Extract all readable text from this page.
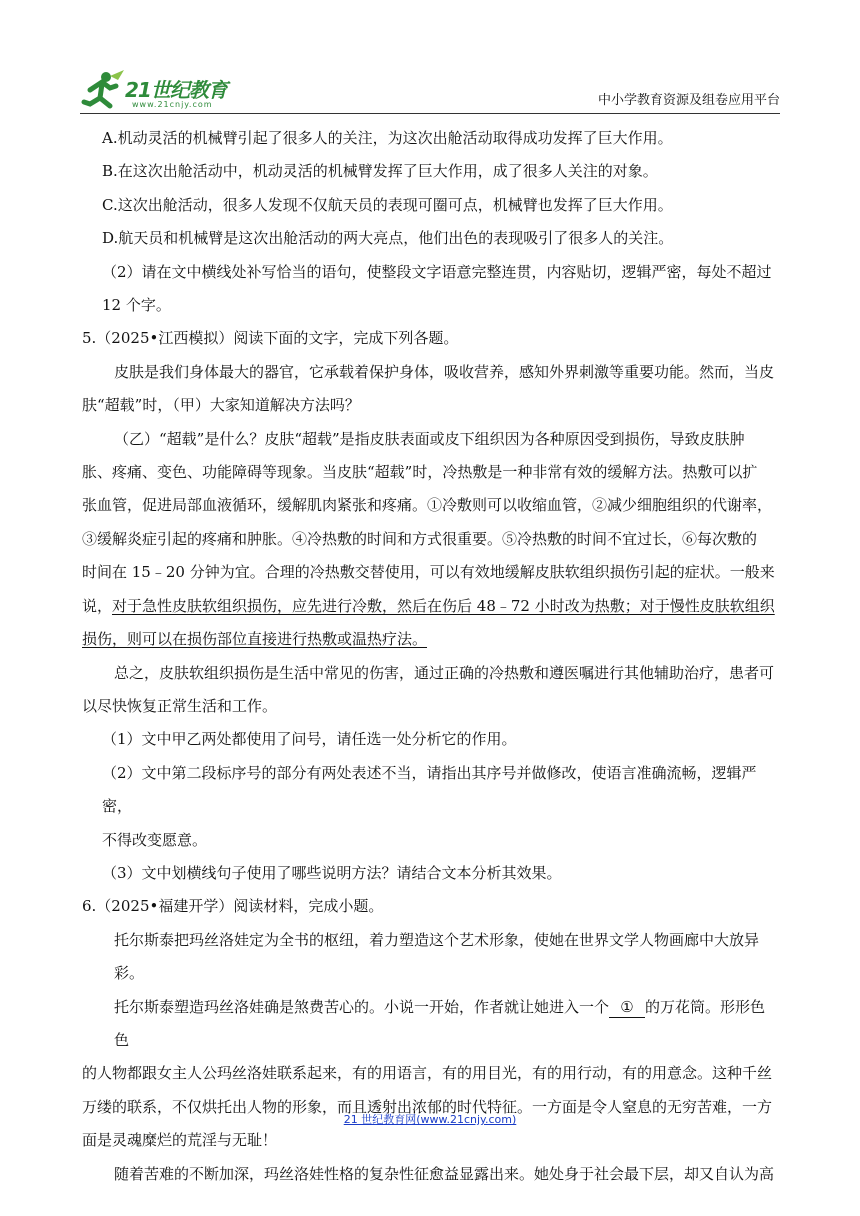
21世纪教育
www.21cnjy.com	中小学教育资源及组卷应用平台

A.机动灵活的机械臂引起了很多人的关注，为这次出舱活动取得成功发挥了巨大作用。

B.在这次出舱活动中，机动灵活的机械臂发挥了巨大作用，成了很多人关注的对象。

C.这次出舱活动，很多人发现不仅航天员的表现可圈可点，机械臂也发挥了巨大作用。

D.航天员和机械臂是这次出舱活动的两大亮点，他们出色的表现吸引了很多人的关注。

（2）请在文中横线处补写恰当的语句，使整段文字语意完整连贯，内容贴切，逻辑严密，每处不超过

12 个字。

5.（2025•江西模拟）阅读下面的文字，完成下列各题。

皮肤是我们身体最大的器官，它承载着保护身体，吸收营养，感知外界刺激等重要功能。然而，当皮

肤“超载”时，（甲）大家知道解决方法吗？

（乙）“超载”是什么？皮肤“超载”是指皮肤表面或皮下组织因为各种原因受到损伤，导致皮肤肿

胀、疼痛、变色、功能障碍等现象。当皮肤“超载”时，冷热敷是一种非常有效的缓解方法。热敷可以扩

张血管，促进局部血液循环，缓解肌肉紧张和疼痛。①冷敷则可以收缩血管，②减少细胞组织的代谢率，

③缓解炎症引起的疼痛和肿胀。④冷热敷的时间和方式很重要。⑤冷热敷的时间不宜过长，⑥每次敷的

时间在 15﹣20 分钟为宜。合理的冷热敷交替使用，可以有效地缓解皮肤软组织损伤引起的症状。一般来

说，对于急性皮肤软组织损伤，应先进行冷敷，然后在伤后 48﹣72 小时改为热敷；对于慢性皮肤软组织

损伤，则可以在损伤部位直接进行热敷或温热疗法。

总之，皮肤软组织损伤是生活中常见的伤害，通过正确的冷热敷和遵医嘱进行其他辅助治疗，患者可

以尽快恢复正常生活和工作。

（1）文中甲乙两处都使用了问号，请任选一处分析它的作用。

（2）文中第二段标序号的部分有两处表述不当，请指出其序号并做修改，使语言准确流畅，逻辑严密，

不得改变愿意。

（3）文中划横线句子使用了哪些说明方法？请结合文本分析其效果。

6.（2025•福建开学）阅读材料，完成小题。

托尔斯泰把玛丝洛娃定为全书的枢纽，着力塑造这个艺术形象，使她在世界文学人物画廊中大放异彩。

托尔斯泰塑造玛丝洛娃确是煞费苦心的。小说一开始，作者就让她进入一个 ① 的万花筒。形形色色

的人物都跟女主人公玛丝洛娃联系起来，有的用语言，有的用目光，有的用行动，有的用意念。这种千丝

万缕的联系，不仅烘托出人物的形象，而且透射出浓郁的时代特征。一方面是令人窒息的无穷苦难，一方

面是灵魂糜烂的荒淫与无耻！

随着苦难的不断加深，玛丝洛娃性格的复杂性征愈益显露出来。她处身于社会最下层，却又自认为高

21 世纪教育网(www.21cnjy.com)
